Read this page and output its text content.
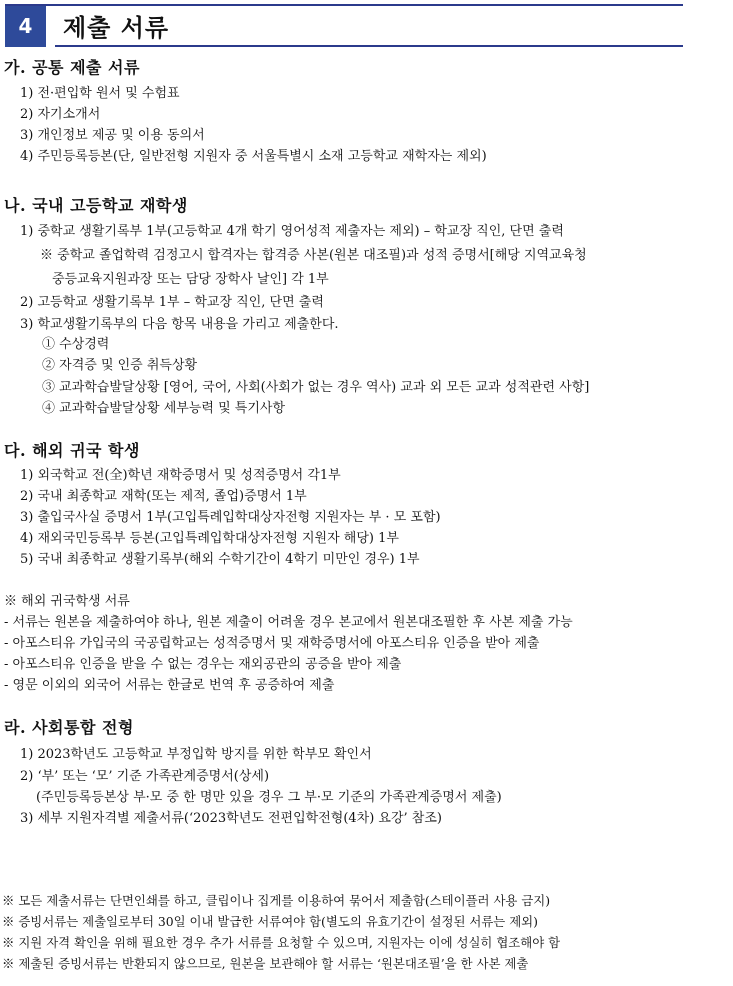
4	제출 서류
가. 공통 제출 서류
1) 전·편입학 원서 및 수험표
2) 자기소개서
3) 개인정보 제공 및 이용 동의서
4) 주민등록등본(단, 일반전형 지원자 중 서울특별시 소재 고등학교 재학자는 제외)
나. 국내 고등학교 재학생
1) 중학교 생활기록부 1부(고등학교 4개 학기 영어성적 제출자는 제외) – 학교장 직인, 단면 출력
※ 중학교 졸업학력 검정고시 합격자는 합격증 사본(원본 대조필)과 성적 증명서[해당 지역교육청
중등교육지원과장 또는 담당 장학사 날인] 각 1부
2) 고등학교 생활기록부 1부 – 학교장 직인, 단면 출력
3) 학교생활기록부의 다음 항목 내용을 가리고 제출한다.
① 수상경력
② 자격증 및 인증 취득상황
③ 교과학습발달상황 [영어, 국어, 사회(사회가 없는 경우 역사) 교과 외 모든 교과 성적관련 사항]
④ 교과학습발달상황 세부능력 및 특기사항
다. 해외 귀국 학생
1) 외국학교 전(全)학년 재학증명서 및 성적증명서 각1부
2) 국내 최종학교 재학(또는 제적, 졸업)증명서 1부
3) 출입국사실 증명서 1부(고입특례입학대상자전형 지원자는 부 · 모 포함)
4) 재외국민등록부 등본(고입특례입학대상자전형 지원자 해당) 1부
5) 국내 최종학교 생활기록부(해외 수학기간이 4학기 미만인 경우) 1부
※ 해외 귀국학생 서류
- 서류는 원본을 제출하여야 하나, 원본 제출이 어려울 경우 본교에서 원본대조필한 후 사본 제출 가능
- 아포스티유 가입국의 국공립학교는 성적증명서 및 재학증명서에 아포스티유 인증을 받아 제출
- 아포스티유 인증을 받을 수 없는 경우는 재외공관의 공증을 받아 제출
- 영문 이외의 외국어 서류는 한글로 번역 후 공증하여 제출
라. 사회통합 전형
1) 2023학년도 고등학교 부정입학 방지를 위한 학부모 확인서
2) ‘부’ 또는 ‘모’ 기준 가족관계증명서(상세)
(주민등록등본상 부·모 중 한 명만 있을 경우 그 부·모 기준의 가족관계증명서 제출)
3) 세부 지원자격별 제출서류(‘2023학년도 전편입학전형(4차) 요강’ 참조)
※ 모든 제출서류는 단면인쇄를 하고, 클립이나 집게를 이용하여 묶어서 제출함(스테이플러 사용 금지)
※ 증빙서류는 제출일로부터 30일 이내 발급한 서류여야 함(별도의 유효기간이 설정된 서류는 제외)
※ 지원 자격 확인을 위해 필요한 경우 추가 서류를 요청할 수 있으며, 지원자는 이에 성실히 협조해야 함
※ 제출된 증빙서류는 반환되지 않으므로, 원본을 보관해야 할 서류는 ‘원본대조필’을 한 사본 제출
